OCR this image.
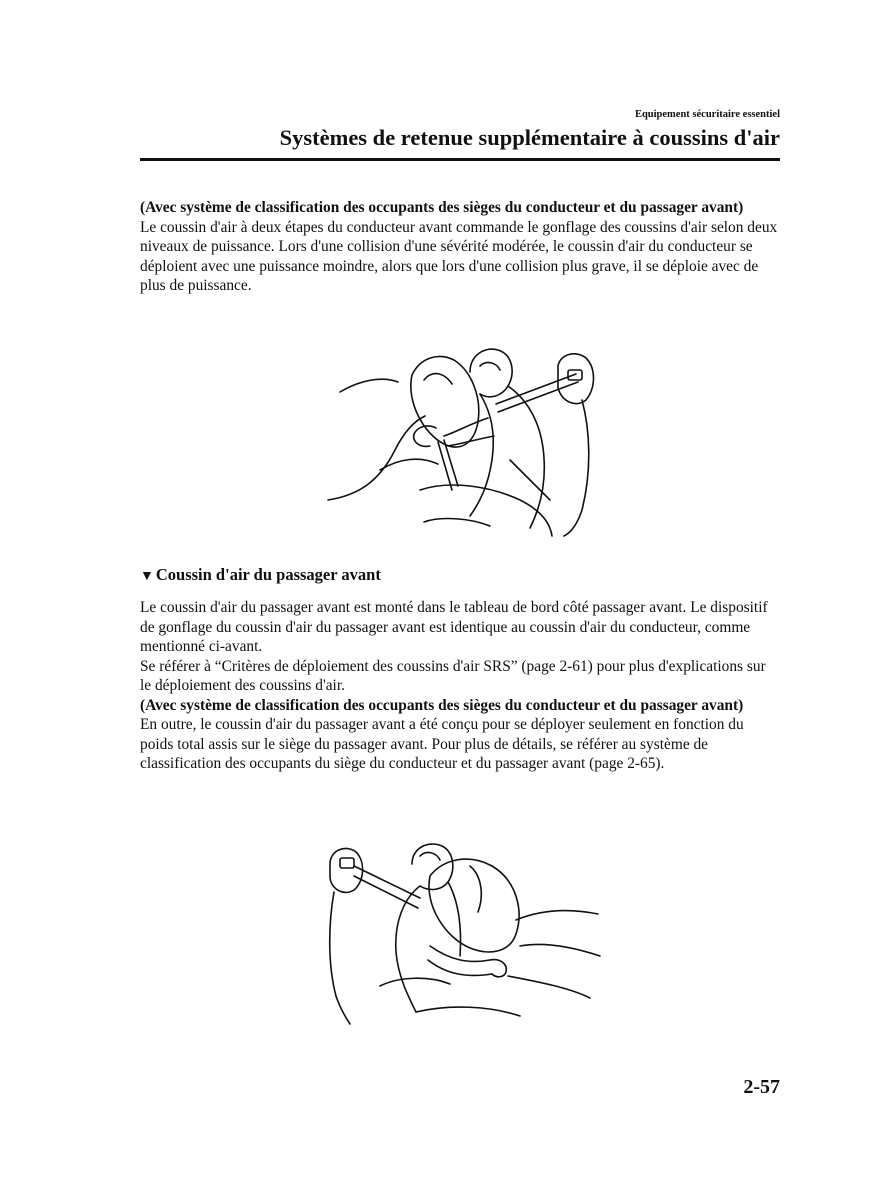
Equipement sécuritaire essentiel
Systèmes de retenue supplémentaire à coussins d'air
(Avec système de classification des occupants des sièges du conducteur et du passager avant)

Le coussin d'air à deux étapes du conducteur avant commande le gonflage des coussins d'air selon deux niveaux de puissance. Lors d'une collision d'une sévérité modérée, le coussin d'air du conducteur se déploient avec une puissance moindre, alors que lors d'une collision plus grave, il se déploie avec de plus de puissance.

▼ Coussin d'air du passager avant

Le coussin d'air du passager avant est monté dans le tableau de bord côté passager avant. Le dispositif de gonflage du coussin d'air du passager avant est identique au coussin d'air du conducteur, comme mentionné ci-avant.

Se référer à “Critères de déploiement des coussins d'air SRS” (page 2-61) pour plus d'explications sur le déploiement des coussins d'air.

(Avec système de classification des occupants des sièges du conducteur et du passager avant)

En outre, le coussin d'air du passager avant a été conçu pour se déployer seulement en fonction du poids total assis sur le siège du passager avant. Pour plus de détails, se référer au système de classification des occupants du siège du conducteur et du passager avant (page 2-65).

2-57
